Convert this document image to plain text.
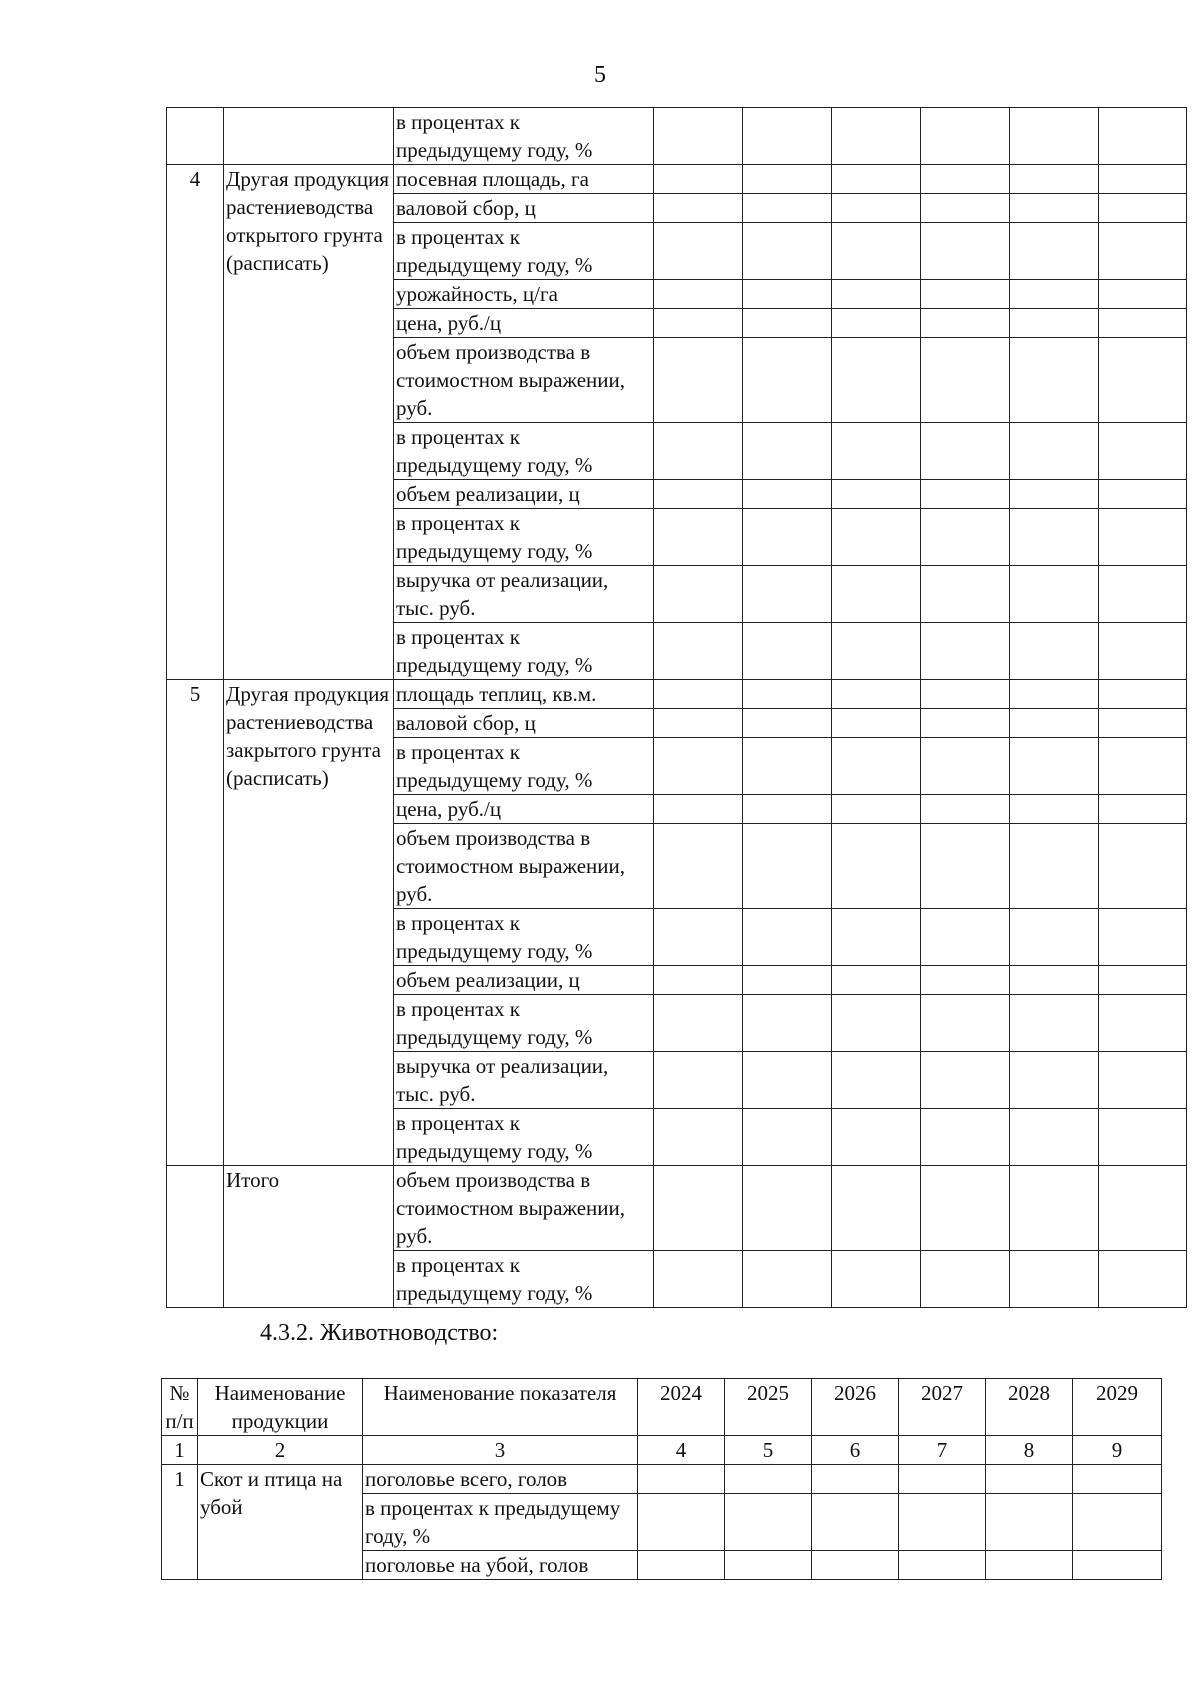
5
		в процентах к предыдущему году, %						
4	Другая продукция растениеводства открытого грунта (расписать)	посевная площадь, га						
		валовой сбор, ц						
		в процентах к предыдущему году, %						
		урожайность, ц/га						
		цена, руб./ц						
		объем производства в стоимостном выражении, руб.						
		в процентах к предыдущему году, %						
		объем реализации, ц						
		в процентах к предыдущему году, %						
		выручка от реализации, тыс. руб.						
		в процентах к предыдущему году, %						
5	Другая продукция растениеводства закрытого грунта (расписать)	площадь теплиц, кв.м.						
		валовой сбор, ц						
		в процентах к предыдущему году, %						
		цена, руб./ц						
		объем производства в стоимостном выражении, руб.						
		в процентах к предыдущему году, %						
		объем реализации, ц						
		в процентах к предыдущему году, %						
		выручка от реализации, тыс. руб.						
		в процентах к предыдущему году, %						
	Итого	объем производства в стоимостном выражении, руб.						
		в процентах к предыдущему году, %						
4.3.2. Животноводство:
№ п/п	Наименование продукции	Наименование показателя	2024	2025	2026	2027	2028	2029
1	2	3	4	5	6	7	8	9
1	Скот и птица на убой	поголовье всего, голов						
		в процентах к предыдущему году, %						
		поголовье на убой, голов						
